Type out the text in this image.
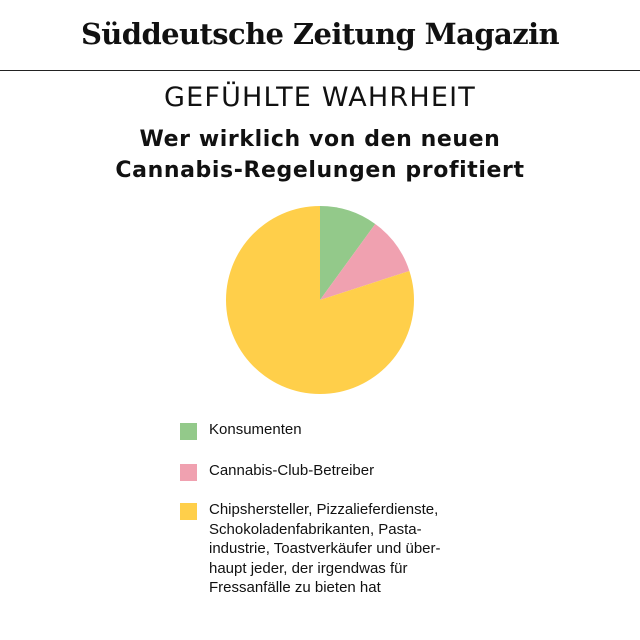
Süddeutsche Zeitung Magazin
GEFÜHLTE WAHRHEIT
Wer wirklich von den neuen
Cannabis-Regelungen profitiert
Konsumenten
Cannabis-Club-Betreiber
Chipshersteller, Pizzalieferdienste,
Schokoladenfabrikanten, Pasta-
industrie, Toastverkäufer und über-
haupt jeder, der irgendwas für
Fressanfälle zu bieten hat
